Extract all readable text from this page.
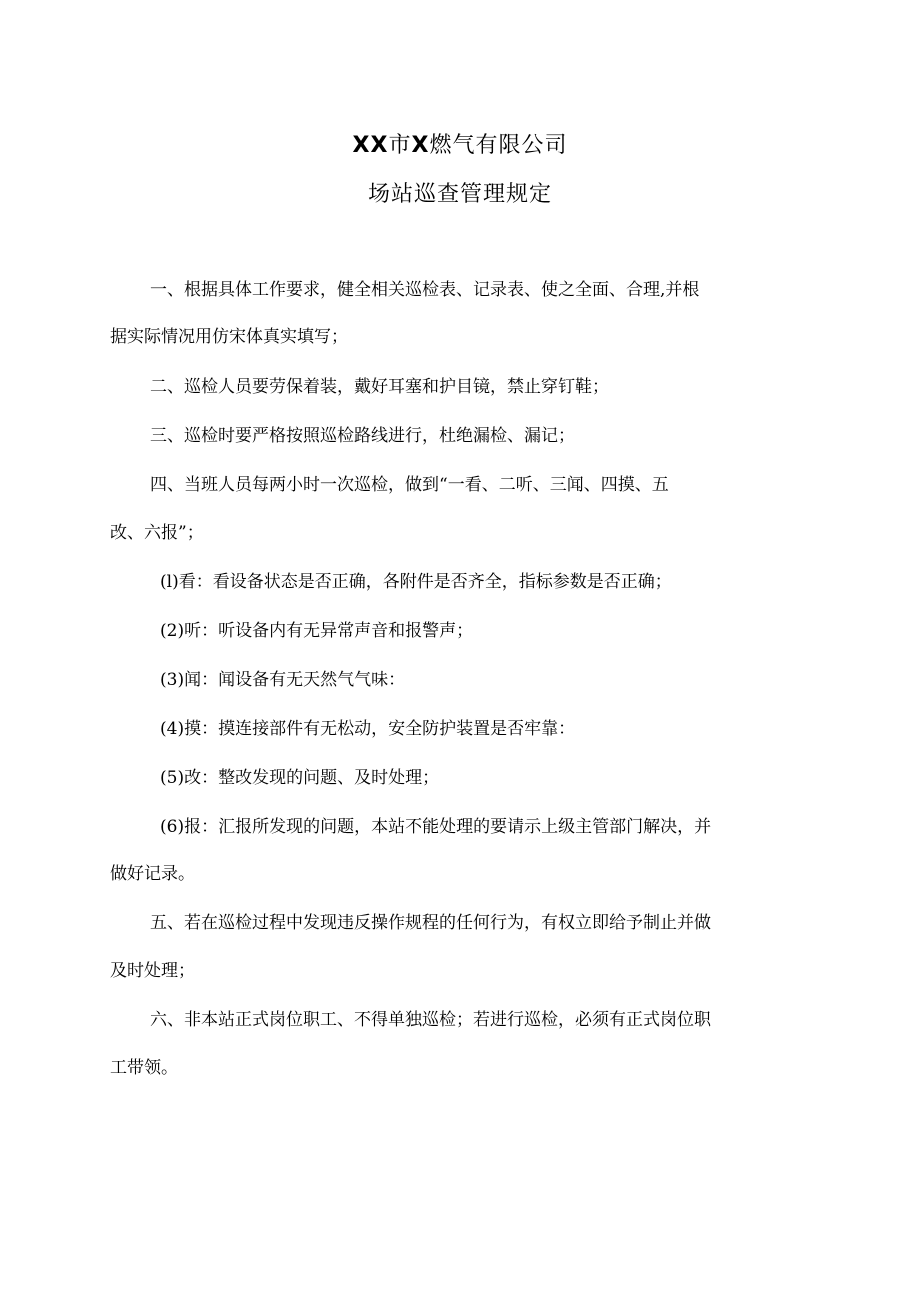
XX市X燃气有限公司
场站巡查管理规定
一、根据具体工作要求，健全相关巡检表、记录表、使之全面、合理,并根
据实际情况用仿宋体真实填写；
二、巡检人员要劳保着装，戴好耳塞和护目镜，禁止穿钉鞋；
三、巡检时要严格按照巡检路线进行，杜绝漏检、漏记；
四、当班人员每两小时一次巡检，做到“一看、二听、三闻、四摸、五
改、六报”；
(l)看：看设备状态是否正确，各附件是否齐全，指标参数是否正确；
(2)听：听设备内有无异常声音和报警声；
(3)闻：闻设备有无天然气气味：
(4)摸：摸连接部件有无松动，安全防护装置是否牢靠：
(5)改：整改发现的问题、及时处理；
(6)报：汇报所发现的问题，本站不能处理的要请示上级主管部门解决，并
做好记录。
五、若在巡检过程中发现违反操作规程的任何行为，有权立即给予制止并做
及时处理；
六、非本站正式岗位职工、不得单独巡检；若进行巡检，必须有正式岗位职
工带领。
